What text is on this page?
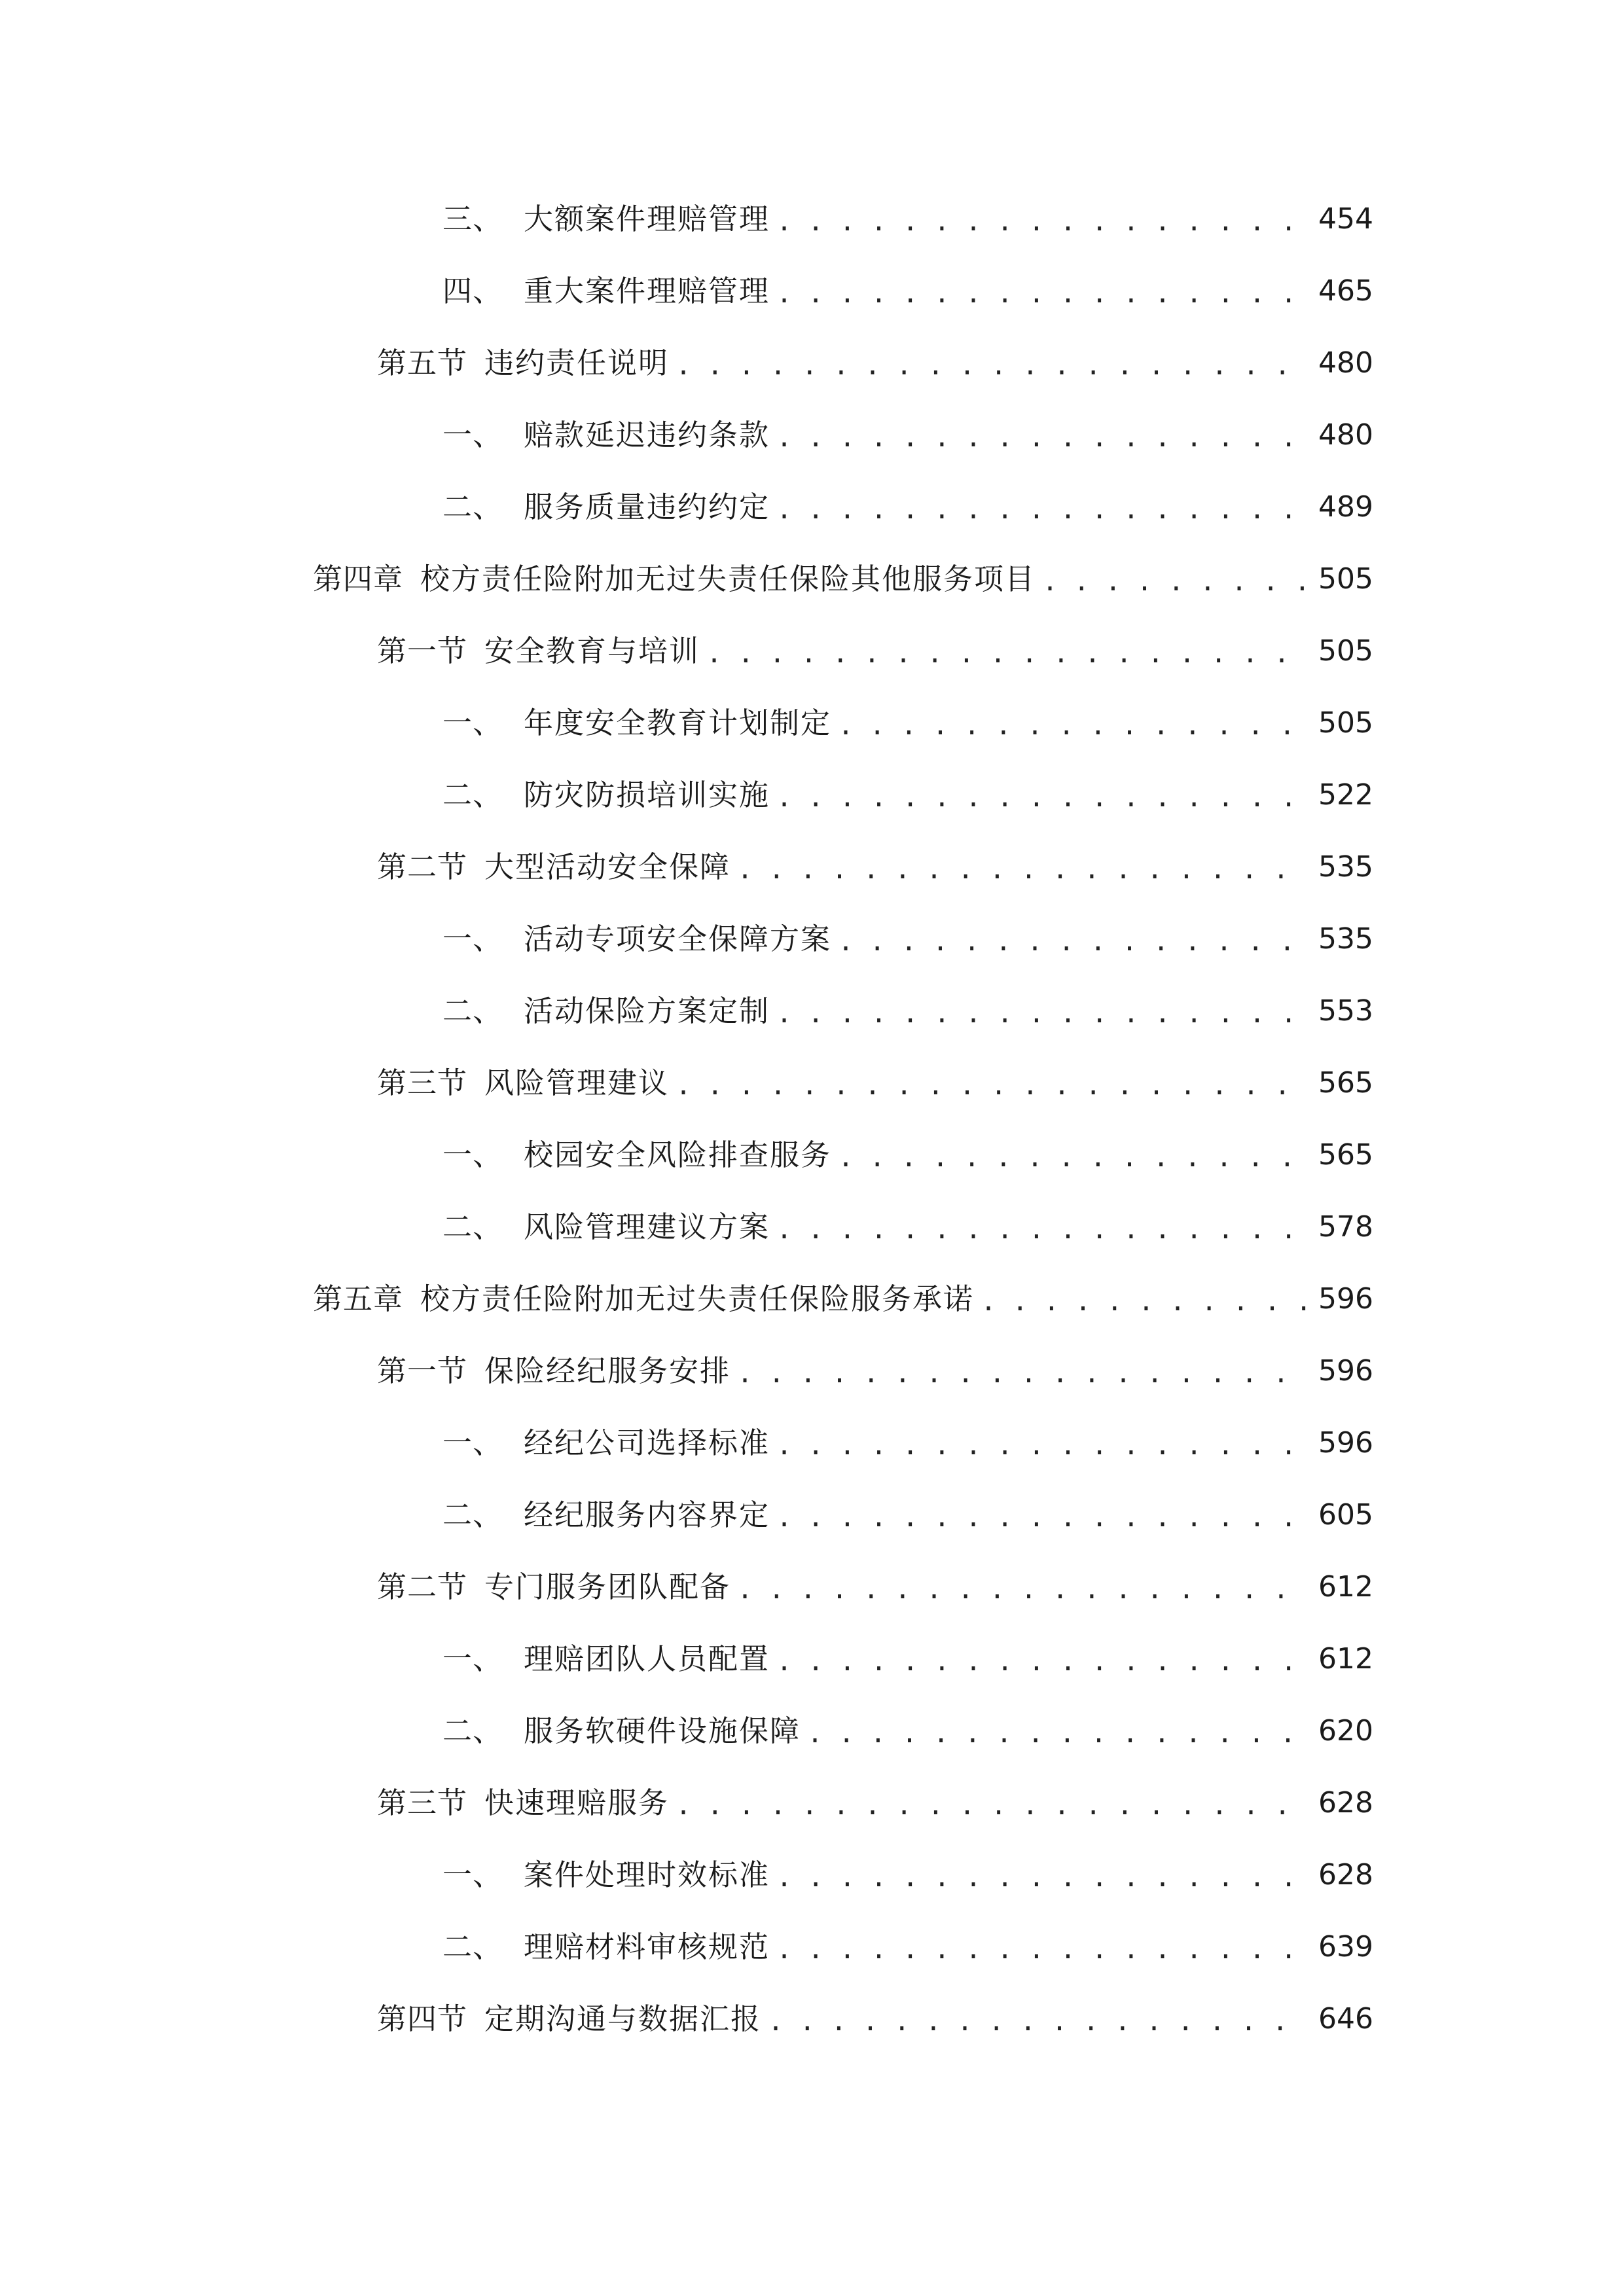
三、 大额案件理赔管理 . . .	454
四、 重大案件理赔管理 . . .	465
第五节 违约责任说明 . . .	480
一、 赔款延迟违约条款 . . .	480
二、 服务质量违约约定 . . .	489
第四章 校方责任险附加无过失责任保险其他服务项目 . . .	505
第一节 安全教育与培训 . . .	505
一、 年度安全教育计划制定 . . .	505
二、 防灾防损培训实施 . . .	522
第二节 大型活动安全保障 . . .	535
一、 活动专项安全保障方案 . . .	535
二、 活动保险方案定制 . . .	553
第三节 风险管理建议 . . .	565
一、 校园安全风险排查服务 . . .	565
二、 风险管理建议方案 . . .	578
第五章 校方责任险附加无过失责任保险服务承诺 . . .	596
第一节 保险经纪服务安排 . . .	596
一、 经纪公司选择标准 . . .	596
二、 经纪服务内容界定 . . .	605
第二节 专门服务团队配备 . . .	612
一、 理赔团队人员配置 . . .	612
二、 服务软硬件设施保障 . . .	620
第三节 快速理赔服务 . . .	628
一、 案件处理时效标准 . . .	628
二、 理赔材料审核规范 . . .	639
第四节 定期沟通与数据汇报 . . .	646
